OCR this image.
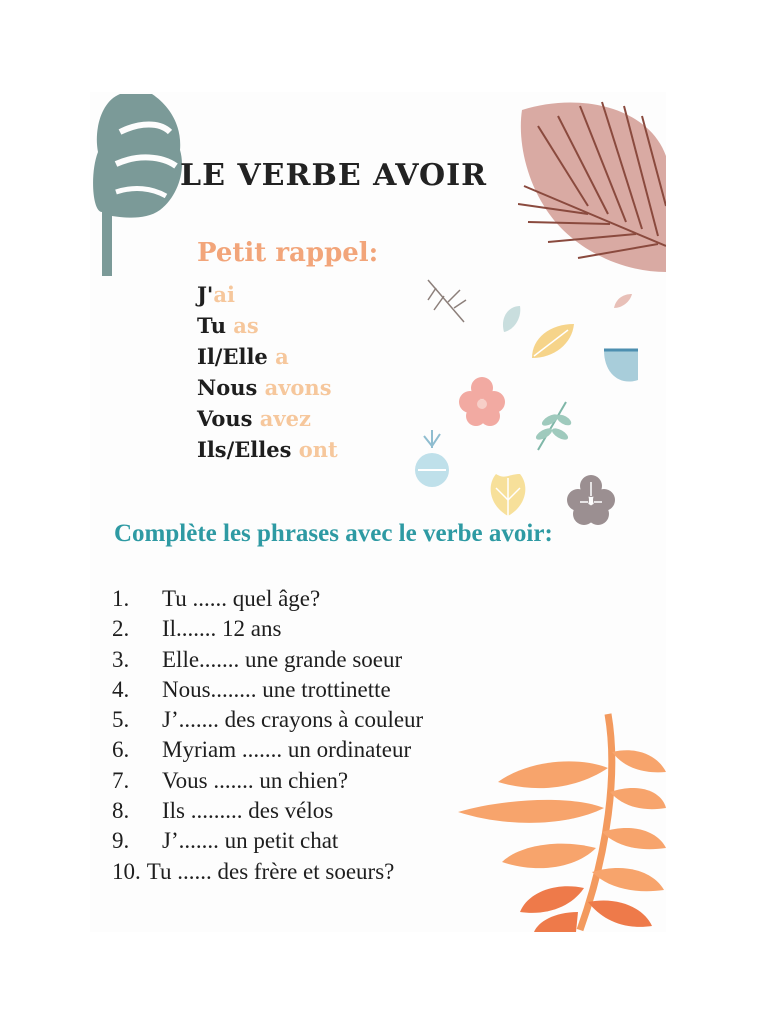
LE VERBE AVOIR
Petit rappel:
J'ai
Tu as
Il/Elle a
Nous avons
Vous avez
Ils/Elles ont
Complète les phrases avec le verbe avoir:
1. Tu ...... quel âge?
2. Il....... 12 ans
3. Elle....... une grande soeur
4. Nous........ une trottinette
5. J’....... des crayons à couleur
6. Myriam ....... un ordinateur
7. Vous ....... un chien?
8. Ils ......... des vélos
9. J’....... un petit chat
10. Tu ...... des frère et soeurs?
